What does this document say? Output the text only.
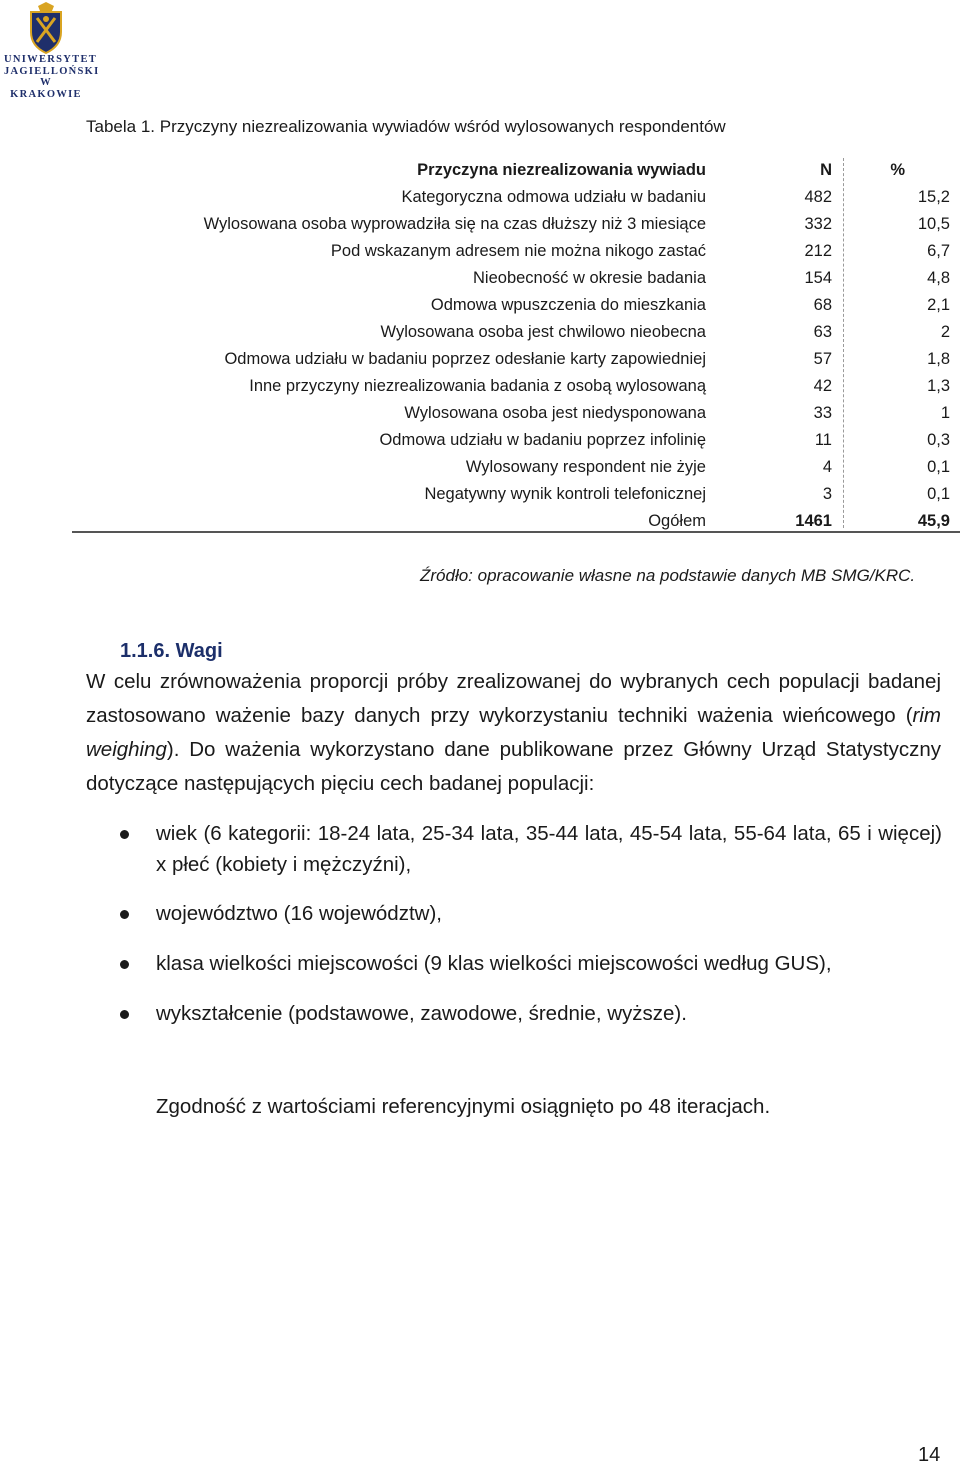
UNIWERSYTET
JAGIELLOŃSKI
W KRAKOWIE
Tabela 1. Przyczyny niezrealizowania wywiadów wśród wylosowanych respondentów
Przyczyna niezrealizowania wywiadu	N	%
Kategoryczna odmowa udziału w badaniu	482	15,2
Wylosowana osoba wyprowadziła się na czas dłuższy niż 3 miesiące	332	10,5
Pod wskazanym adresem nie można nikogo zastać	212	6,7
Nieobecność w okresie badania	154	4,8
Odmowa wpuszczenia do mieszkania	68	2,1
Wylosowana osoba jest chwilowo nieobecna	63	2
Odmowa udziału w badaniu poprzez odesłanie karty zapowiedniej	57	1,8
Inne przyczyny niezrealizowania badania z osobą wylosowaną	42	1,3
Wylosowana osoba jest niedysponowana	33	1
Odmowa udziału w badaniu poprzez infolinię	11	0,3
Wylosowany respondent nie żyje	4	0,1
Negatywny wynik kontroli telefonicznej	3	0,1
Ogółem	1461	45,9
Źródło: opracowanie własne na podstawie danych MB SMG/KRC.
1.1.6. Wagi
W celu zrównoważenia proporcji próby zrealizowanej do wybranych cech populacji badanej zastosowano ważenie bazy danych przy wykorzystaniu techniki ważenia wieńcowego (rim weighing). Do ważenia wykorzystano dane publikowane przez Główny Urząd Statystyczny dotyczące następujących pięciu cech badanej populacji:
wiek (6 kategorii: 18-24 lata, 25-34 lata, 35-44 lata, 45-54 lata, 55-64 lata, 65 i więcej) x płeć (kobiety i mężczyźni),
województwo (16 województw),
klasa wielkości miejscowości (9 klas wielkości miejscowości według GUS),
wykształcenie (podstawowe, zawodowe, średnie, wyższe).
Zgodność z wartościami referencyjnymi osiągnięto po 48 iteracjach.
14
